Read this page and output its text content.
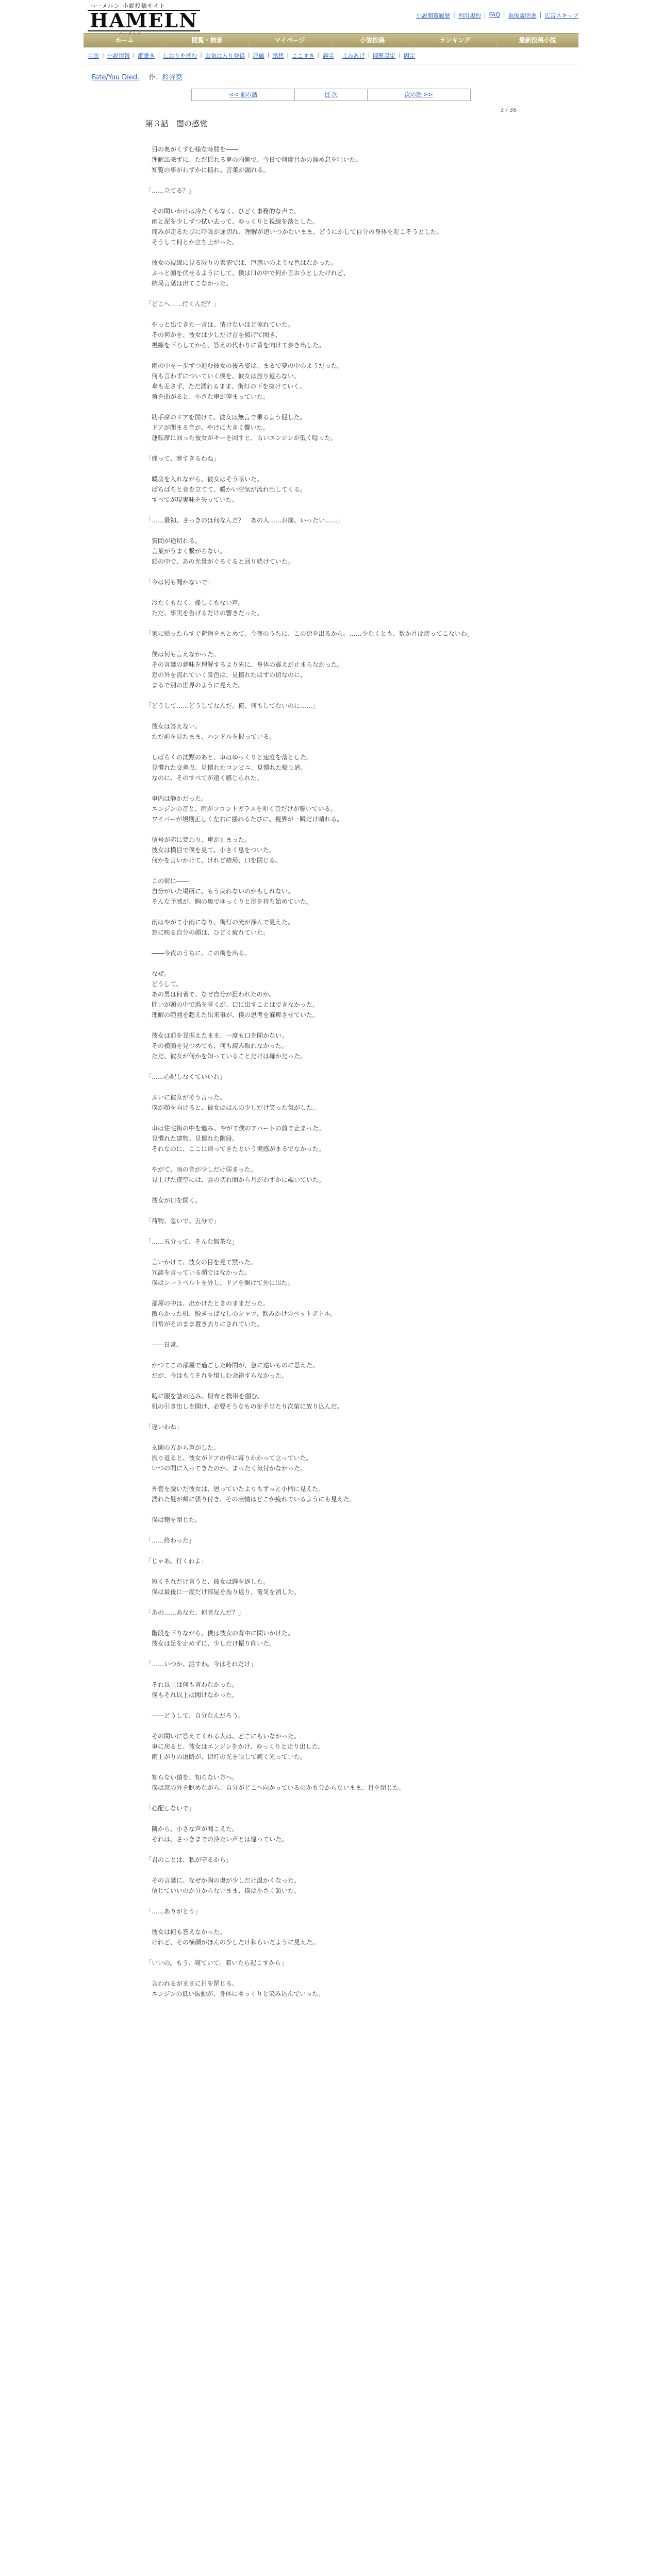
ハーメルン 小説投稿サイト
HAMELN
ハーメルン
小説閲覧履歴 | 利用規約 | FAQ | 取扱説明書 | 広告スキップ
ホーム	閲覧・検索	マイページ	小説投稿	ランキング	最新投稿小説
目次 | 小説情報 | 縦書き | しおりを挟む | お気に入り登録 | 評価 | 感想 | ここすき | 誤字 | よみあげ | 閲覧設定 | 固定
Fate/You Died. 作：鈴谷葵
<< 前の話	目 次	次の話 >>
3 / 36
第３話　闇の感覚

　目の奥がくすむ様な時間を――

　理解出来ずに、ただ揺れる車の内側で、今日で何度目かの溜め息を吐いた。

　知覧の事がわずかに揺れ、言葉が漏れる。

「……立てる？」

　その問いかけは冷たくもなく、ひどく事務的な声で、

　雨と泥を少しずつ拭い去って、ゆっくりと視線を落とした。

　痛みが走るたびに呼吸が途切れ、理解が追いつかないまま、どうにかして自分の身体を起こそうとした。

　そうして何とか立ち上がった。

　彼女の視線に見る限りの表情では、戸惑いのような色はなかった。

　ふっと顔を伏せるようにして、僕は口の中で何か言おうとしたけれど、

　結局言葉は出てこなかった。

「どこへ……行くんだ？」

　やっと出てきた一言は、情けないほど掠れていた。

　その何かを、彼女は少しだけ首を傾げて聞き、

　視線を下ろしてから、答えの代わりに背を向けて歩き出した。

　雨の中を一歩ずつ進む彼女の後ろ姿は、まるで夢の中のようだった。

　何も言わずについていく僕を、彼女は振り返らない。

　傘も差さず、ただ濡れるまま、街灯の下を抜けていく。

　角を曲がると、小さな車が停まっていた。

　助手席のドアを開けて、彼女は無言で乗るよう促した。

　ドアが閉まる音が、やけに大きく響いた。

　運転席に回った彼女がキーを回すと、古いエンジンが低く唸った。

「痛って、寒すぎるわね」

　暖房を入れながら、彼女はそう呟いた。

　ぱちぱちと音を立てて、暖かい空気が流れ出してくる。

　すべてが現実味を失っていた。

「……最初、さっきのは何なんだ？　あの人……お前、いったい……」

　質問が途切れる。

　言葉がうまく繋がらない。

　頭の中で、あの光景がぐるぐると回り続けていた。

「今は何も聞かないで」

　冷たくもなく、優しくもない声。

　ただ、事実を告げるだけの響きだった。

「家に帰ったらすぐ荷物をまとめて。今夜のうちに、この街を出るから。……少なくとも、数か月は戻ってこないわ」

　僕は何も言えなかった。

　その言葉の意味を理解するより先に、身体の震えが止まらなかった。

　窓の外を流れていく景色は、見慣れたはずの街なのに、

　まるで別の世界のように見えた。

「どうして……どうしてなんだ。俺、何もしてないのに……」

　彼女は答えない。

　ただ前を見たまま、ハンドルを握っている。

　しばらくの沈黙のあと、車はゆっくりと速度を落とした。

　見慣れた交差点、見慣れたコンビニ、見慣れた帰り道。

　なのに、そのすべてが遠く感じられた。

　車内は静かだった。

　エンジンの音と、雨がフロントガラスを叩く音だけが響いている。

　ワイパーが規則正しく左右に揺れるたびに、視界が一瞬だけ晴れる。

　信号が赤に変わり、車が止まった。

　彼女は横目で僕を見て、小さく息をついた。

　何かを言いかけて、けれど結局、口を閉じる。

　この街に――

　自分がいた場所に、もう戻れないのかもしれない。

　そんな予感が、胸の奥でゆっくりと形を持ち始めていた。

　雨はやがて小雨になり、街灯の光が滲んで見えた。

　窓に映る自分の顔は、ひどく疲れていた。

　――今夜のうちに、この街を出る。

　なぜ。

　どうして。

　あの男は何者で、なぜ自分が狙われたのか。

　問いが頭の中で渦を巻くが、口に出すことはできなかった。

　理解の範囲を超えた出来事が、僕の思考を麻痺させていた。

　彼女は前を見据えたまま、一度も口を開かない。

　その横顔を見つめても、何も読み取れなかった。

　ただ、彼女が何かを知っていることだけは確かだった。

「……心配しなくていいわ」

　ふいに彼女がそう言った。

　僕が顔を向けると、彼女はほんの少しだけ笑った気がした。

　車は住宅街の中を進み、やがて僕のアパートの前で止まった。

　見慣れた建物。見慣れた階段。

　それなのに、ここに帰ってきたという実感がまるでなかった。

　やがて、雨の音が少しだけ弱まった。

　見上げた夜空には、雲の切れ間から月がわずかに覗いていた。

　彼女が口を開く。

「荷物、急いで。五分で」

「……五分って、そんな無茶な」

　言いかけて、彼女の目を見て黙った。

　冗談を言っている顔ではなかった。

　僕はシートベルトを外し、ドアを開けて外に出た。

　部屋の中は、出かけたときのままだった。

　散らかった机、脱ぎっぱなしのシャツ、飲みかけのペットボトル。

　日常がそのまま置き去りにされていた。

　――日常。

　かつてこの部屋で過ごした時間が、急に遠いものに思えた。

　だが、今はもうそれを惜しむ余裕すらなかった。

　鞄に服を詰め込み、財布と携帯を掴む。

　机の引き出しを開け、必要そうなものを手当たり次第に放り込んだ。

「遅いわね」

　玄関の方から声がした。

　振り返ると、彼女がドアの枠に寄りかかって立っていた。

　いつの間に入ってきたのか、まったく気付かなかった。

　外套を脱いだ彼女は、思っていたよりもずっと小柄に見えた。

　濡れた髪が頬に張り付き、その表情はどこか疲れているようにも見えた。

　僕は鞄を閉じた。

「……終わった」

「じゃあ、行くわよ」

　短くそれだけ言うと、彼女は踵を返した。

　僕は最後に一度だけ部屋を振り返り、電気を消した。

「あの……あなた、何者なんだ？」

　階段を下りながら、僕は彼女の背中に問いかけた。

　彼女は足を止めずに、少しだけ振り向いた。

「……いつか、話すわ。今はそれだけ」

　それ以上は何も言わなかった。

　僕もそれ以上は聞けなかった。

　――どうして、自分なんだろう。

　その問いに答えてくれる人は、どこにもいなかった。

　車に戻ると、彼女はエンジンをかけ、ゆっくりと走り出した。

　雨上がりの道路が、街灯の光を映して鈍く光っていた。

　知らない道を、知らない方へ。

　僕は窓の外を眺めながら、自分がどこへ向かっているのかも分からないまま、目を閉じた。

「心配しないで」

　隣から、小さな声が聞こえた。

　それは、さっきまでの冷たい声とは違っていた。

「君のことは、私が守るから」

　その言葉に、なぜか胸の奥が少しだけ温かくなった。

　信じていいのか分からないまま、僕は小さく頷いた。

「……ありがとう」

　彼女は何も答えなかった。

　けれど、その横顔がほんの少しだけ和らいだように見えた。

「いいの。もう、寝ていて。着いたら起こすから」

　言われるがままに目を閉じる。

　エンジンの低い振動が、身体にゆっくりと染み込んでいった。
